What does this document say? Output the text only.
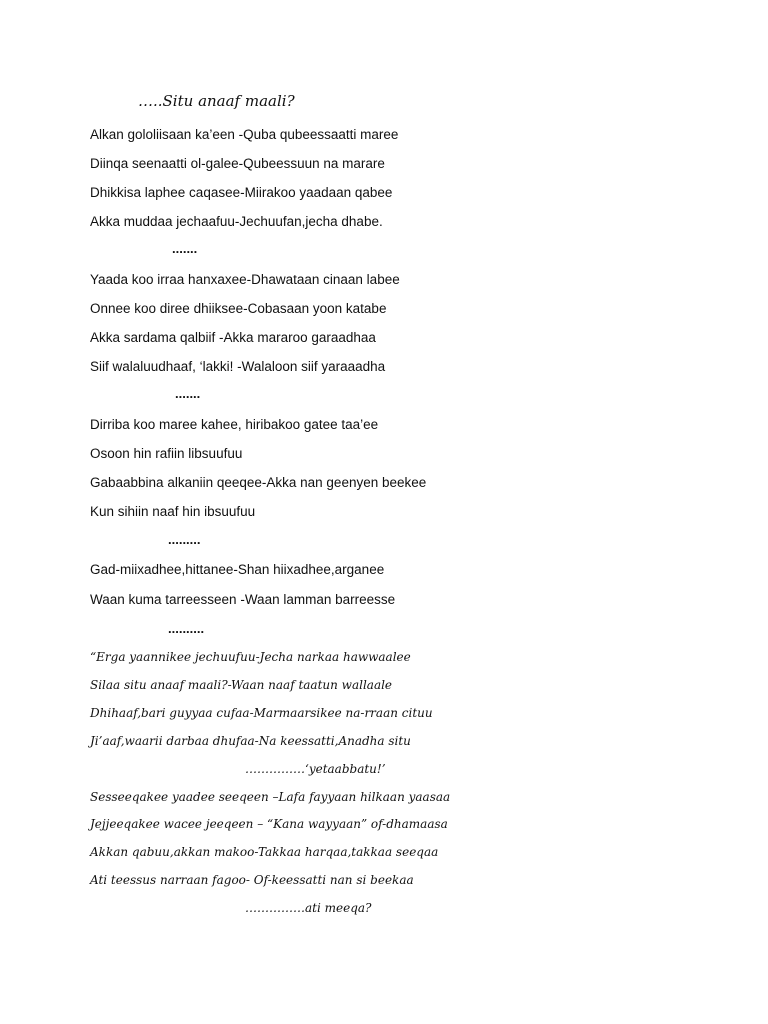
…..Situ anaaf maali?
Alkan gololiisaan ka’een -Quba qubeessaatti maree
Diinqa seenaatti ol-galee-Qubeessuun na marare
Dhikkisa laphee caqasee-Miirakoo yaadaan qabee
Akka muddaa jechaafuu-Jechuufan,jecha dhabe.
.......
Yaada koo irraa hanxaxee-Dhawataan cinaan labee
Onnee koo diree dhiiksee-Cobasaan yoon katabe
Akka sardama qalbiif -Akka mararoo garaadhaa
Siif walaluudhaaf, ‘lakki! -Walaloon siif yaraaadha
.......
Dirriba koo maree kahee, hiribakoo gatee taa’ee
Osoon hin rafiin libsuufuu
Gabaabbina alkaniin qeeqee-Akka nan geenyen beekee
Kun sihiin naaf hin ibsuufuu
.........
Gad-miixadhee,hittanee-Shan hiixadhee,arganee
Waan kuma tarreesseen -Waan lamman barreesse
..........
“Erga yaannikee jechuufuu-Jecha narkaa hawwaalee
Silaa situ anaaf maali?-Waan naaf taatun wallaale
Dhihaaf,bari guyyaa cufaa-Marmaarsikee na-rraan cituu
Ji’aaf,waarii darbaa dhufaa-Na keessatti,Anadha situ
……………‘yetaabbatu!’
Sesseeqakee yaadee seeqeen –Lafa fayyaan hilkaan yaasaa
Jejjeeqakee wacee jeeqeen – “Kana wayyaan” of-dhamaasa
Akkan qabuu,akkan makoo-Takkaa harqaa,takkaa seeqaa
Ati teessus narraan fagoo- Of-keessatti nan si beekaa
……………ati meeqa?
